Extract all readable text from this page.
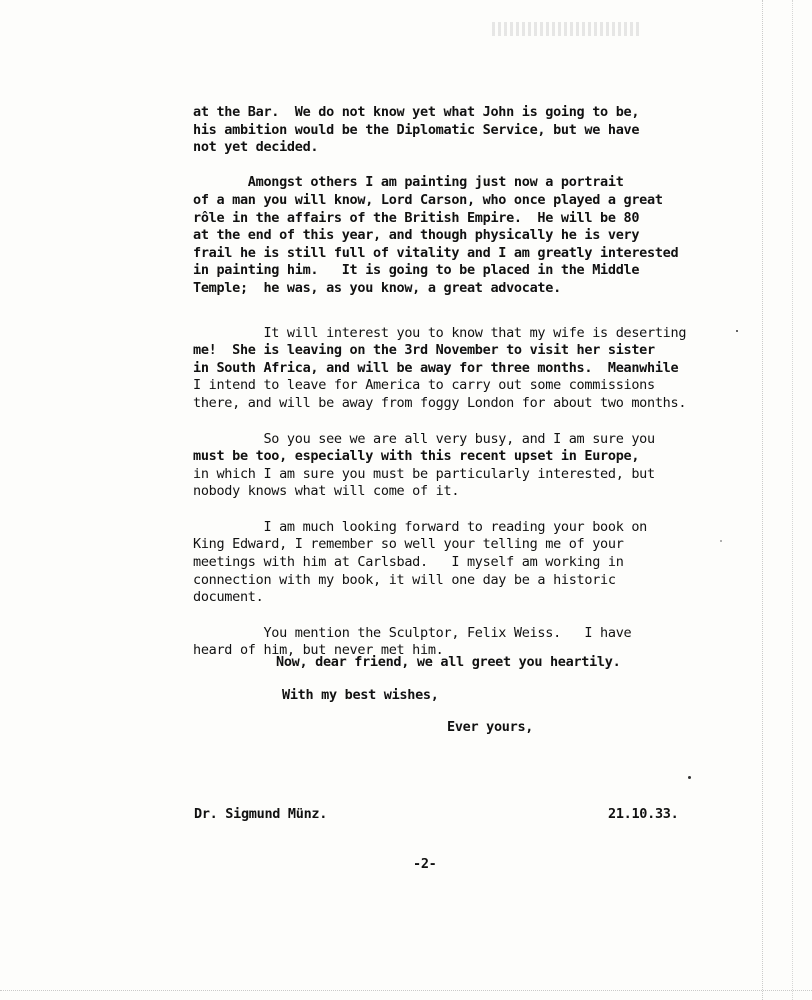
at the Bar.  We do not know yet what John is going to be,

his ambition would be the Diplomatic Service, but we have

not yet decided.

Amongst others I am painting just now a portrait

of a man you will know, Lord Carson, who once played a great

rôle in the affairs of the British Empire.  He will be 80

at the end of this year, and though physically he is very

frail he is still full of vitality and I am greatly interested

in painting him.   It is going to be placed in the Middle

Temple;  he was, as you know, a great advocate.

It will interest you to know that my wife is deserting

me!  She is leaving on the 3rd November to visit her sister

in South Africa, and will be away for three months.  Meanwhile

I intend to leave for America to carry out some commissions

there, and will be away from foggy London for about two months.

So you see we are all very busy, and I am sure you

must be too, especially with this recent upset in Europe,

in which I am sure you must be particularly interested, but

nobody knows what will come of it.

I am much looking forward to reading your book on

King Edward, I remember so well your telling me of your

meetings with him at Carlsbad.   I myself am working in

connection with my book, it will one day be a historic

document.

You mention the Sculptor, Felix Weiss.   I have

heard of him, but never met him.

Now, dear friend, we all greet you heartily.
With my best wishes,
Ever yours,
Dr. Sigmund Münz.	21.10.33.
-2-
